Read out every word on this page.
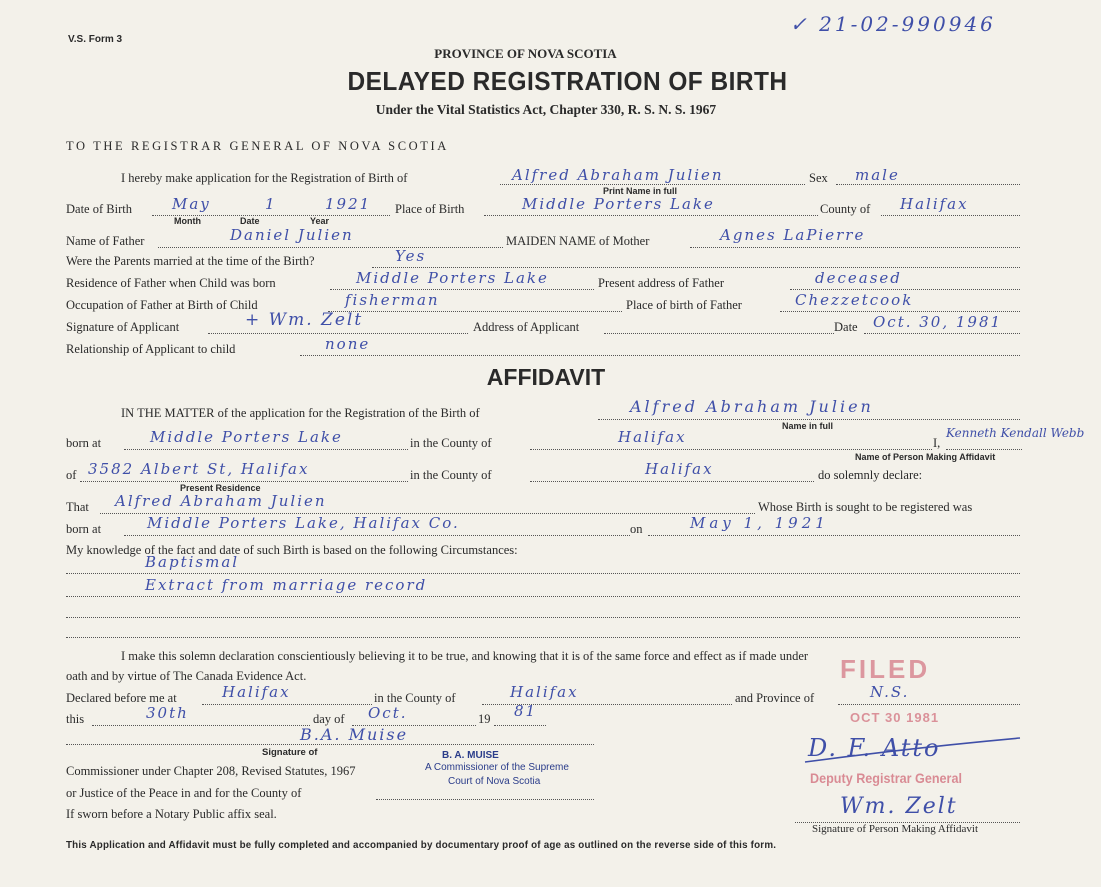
V.S. Form 3
✓ 21-02-990946
PROVINCE OF NOVA SCOTIA
DELAYED REGISTRATION OF BIRTH
Under the Vital Statistics Act, Chapter 330, R. S. N. S. 1967
TO THE REGISTRAR GENERAL OF NOVA SCOTIA
I hereby make application for the Registration of Birth of	Alfred Abraham Julien	Sex male
Print Name in full
Date of Birth	May	1	1921
Month	Date	Year
Place of Birth	Middle Porters Lake	County of Halifax
Name of Father	Daniel Julien	MAIDEN NAME of Mother	Agnes LaPierre
Were the Parents married at the time of the Birth?	Yes
Residence of Father when Child was born	Middle Porters Lake	Present address of Father	deceased
Occupation of Father at Birth of Child	fisherman	Place of birth of Father	Chezzetcook
Signature of Applicant	+ Wm. Zelt	Address of Applicant	Date Oct. 30, 1981
Relationship of Applicant to child	none
AFFIDAVIT
IN THE MATTER of the application for the Registration of the Birth of	Alfred Abraham Julien
Name in full
born at	Middle Porters Lake	in the County of	Halifax	I,
Kenneth Kendall Webb
Name of Person Making Affidavit
of 3582 Albert St, Halifax	in the County of	Halifax	do solemnly declare:
Present Residence
That Alfred Abraham Julien	Whose Birth is sought to be registered was
born at	Middle Porters Lake, Halifax Co.	on	May 1, 1921
My knowledge of the fact and date of such Birth is based on the following Circumstances:
Baptismal
Extract from marriage record
I make this solemn declaration conscientiously believing it to be true, and knowing that it is of the same force and effect as if made under
oath and by virtue of The Canada Evidence Act.
Declared before me at	Halifax	in the County of	Halifax	and Province of	N.S.
this	30th	day of Oct.	19 81
B.A. Muise
Signature of	B. A. MUISE
Commissioner under Chapter 208, Revised Statutes, 1967	A Commissioner of the Supreme
Court of Nova Scotia
or Justice of the Peace in and for the County of
If sworn before a Notary Public affix seal.
FILED
OCT 30 1981
D. F. Atto
Deputy Registrar General
Wm. Zelt
Signature of Person Making Affidavit
This Application and Affidavit must be fully completed and accompanied by documentary proof of age as outlined on the reverse side of this form.
